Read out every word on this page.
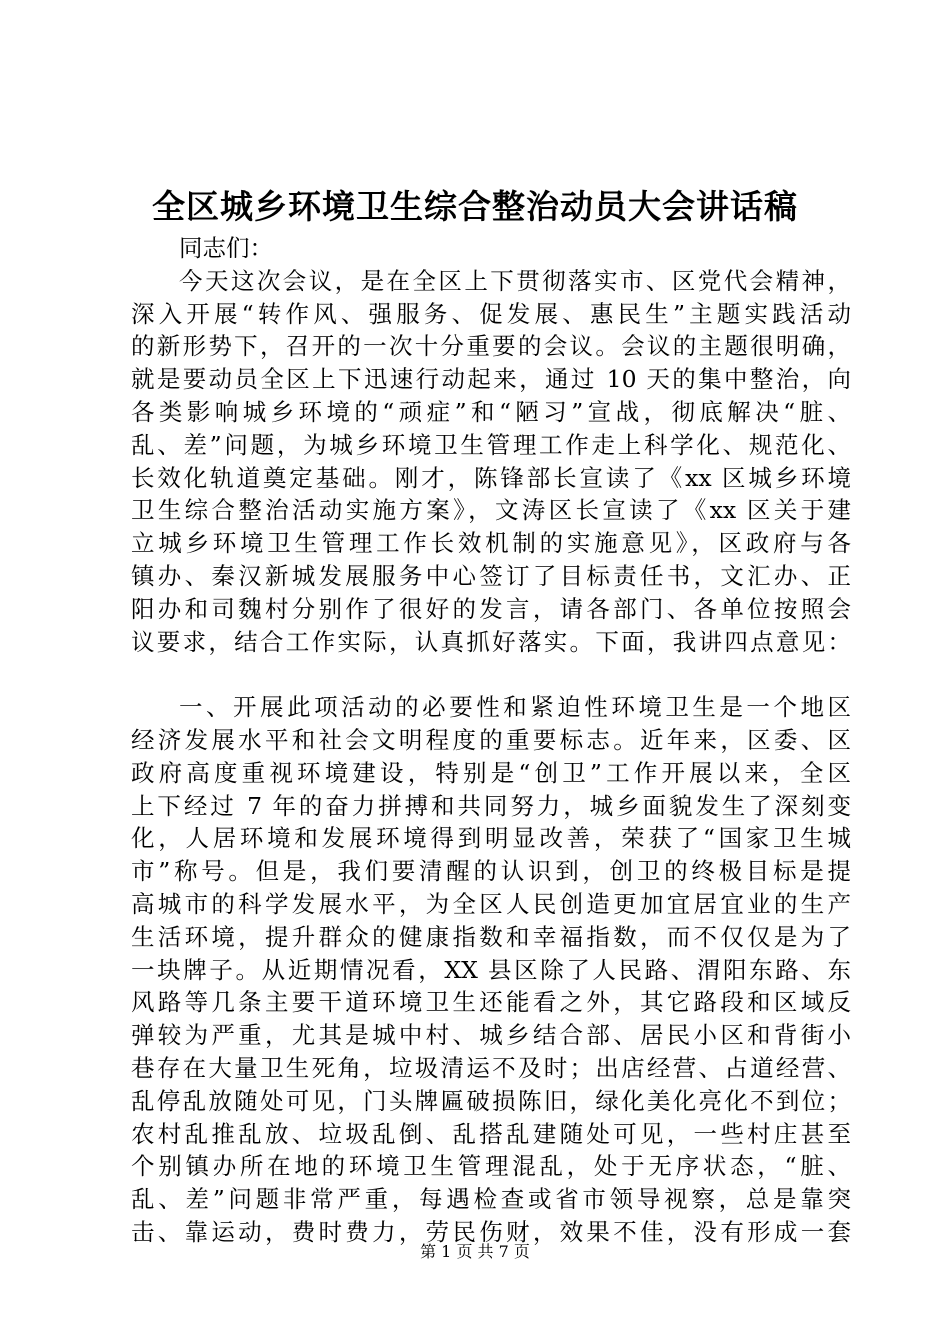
全区城乡环境卫生综合整治动员大会讲话稿
同志们：
今天这次会议，是在全区上下贯彻落实市、区党代会精神，
深入开展“转作风、强服务、促发展、惠民生”主题实践活动
的新形势下，召开的一次十分重要的会议。会议的主题很明确，
就是要动员全区上下迅速行动起来，通过 10 天的集中整治，向
各类影响城乡环境的“顽症”和“陋习”宣战，彻底解决“脏、
乱、差”问题，为城乡环境卫生管理工作走上科学化、规范化、
长效化轨道奠定基础。刚才，陈锋部长宣读了《xx 区城乡环境
卫生综合整治活动实施方案》，文涛区长宣读了《xx 区关于建
立城乡环境卫生管理工作长效机制的实施意见》，区政府与各
镇办、秦汉新城发展服务中心签订了目标责任书，文汇办、正
阳办和司魏村分别作了很好的发言，请各部门、各单位按照会
议要求，结合工作实际，认真抓好落实。下面，我讲四点意见：
一、开展此项活动的必要性和紧迫性环境卫生是一个地区
经济发展水平和社会文明程度的重要标志。近年来，区委、区
政府高度重视环境建设，特别是“创卫”工作开展以来，全区
上下经过 7 年的奋力拼搏和共同努力，城乡面貌发生了深刻变
化，人居环境和发展环境得到明显改善，荣获了“国家卫生城
市”称号。但是，我们要清醒的认识到，创卫的终极目标是提
高城市的科学发展水平，为全区人民创造更加宜居宜业的生产
生活环境，提升群众的健康指数和幸福指数，而不仅仅是为了
一块牌子。从近期情况看，XX 县区除了人民路、渭阳东路、东
风路等几条主要干道环境卫生还能看之外，其它路段和区域反
弹较为严重，尤其是城中村、城乡结合部、居民小区和背街小
巷存在大量卫生死角，垃圾清运不及时；出店经营、占道经营、
乱停乱放随处可见，门头牌匾破损陈旧，绿化美化亮化不到位；
农村乱推乱放、垃圾乱倒、乱搭乱建随处可见，一些村庄甚至
个别镇办所在地的环境卫生管理混乱，处于无序状态，“脏、
乱、差”问题非常严重，每遇检查或省市领导视察，总是靠突
击、靠运动，费时费力，劳民伤财，效果不佳，没有形成一套
第 1 页 共 7 页
